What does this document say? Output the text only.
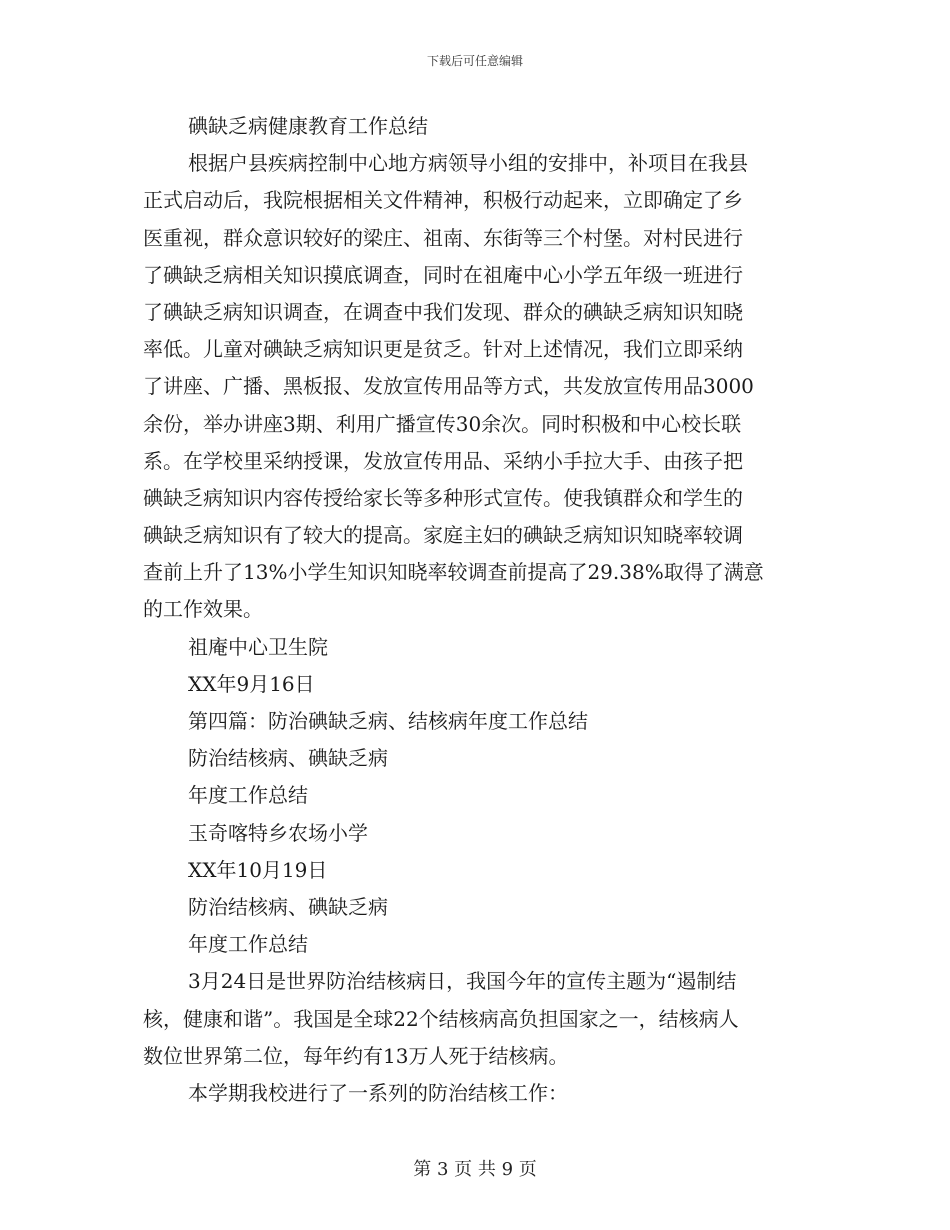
下载后可任意编辑
碘缺乏病健康教育工作总结
根据户县疾病控制中心地方病领导小组的安排中，补项目在我县
正式启动后，我院根据相关文件精神，积极行动起来，立即确定了乡
医重视，群众意识较好的梁庄、祖南、东街等三个村堡。对村民进行
了碘缺乏病相关知识摸底调查，同时在祖庵中心小学五年级一班进行
了碘缺乏病知识调查，在调查中我们发现、群众的碘缺乏病知识知晓
率低。儿童对碘缺乏病知识更是贫乏。针对上述情况，我们立即采纳
了讲座、广播、黑板报、发放宣传用品等方式，共发放宣传用品3000
余份，举办讲座3期、利用广播宣传30余次。同时积极和中心校长联
系。在学校里采纳授课，发放宣传用品、采纳小手拉大手、由孩子把
碘缺乏病知识内容传授给家长等多种形式宣传。使我镇群众和学生的
碘缺乏病知识有了较大的提高。家庭主妇的碘缺乏病知识知晓率较调
查前上升了13%小学生知识知晓率较调查前提高了29.38%取得了满意
的工作效果。
祖庵中心卫生院
XX年9月16日
第四篇：防治碘缺乏病、结核病年度工作总结
防治结核病、碘缺乏病
年度工作总结
玉奇喀特乡农场小学
XX年10月19日
防治结核病、碘缺乏病
年度工作总结
3月24日是世界防治结核病日，我国今年的宣传主题为“遏制结
核，健康和谐”。我国是全球22个结核病高负担国家之一，结核病人
数位世界第二位，每年约有13万人死于结核病。
本学期我校进行了一系列的防治结核工作：
第 3 页 共 9 页
